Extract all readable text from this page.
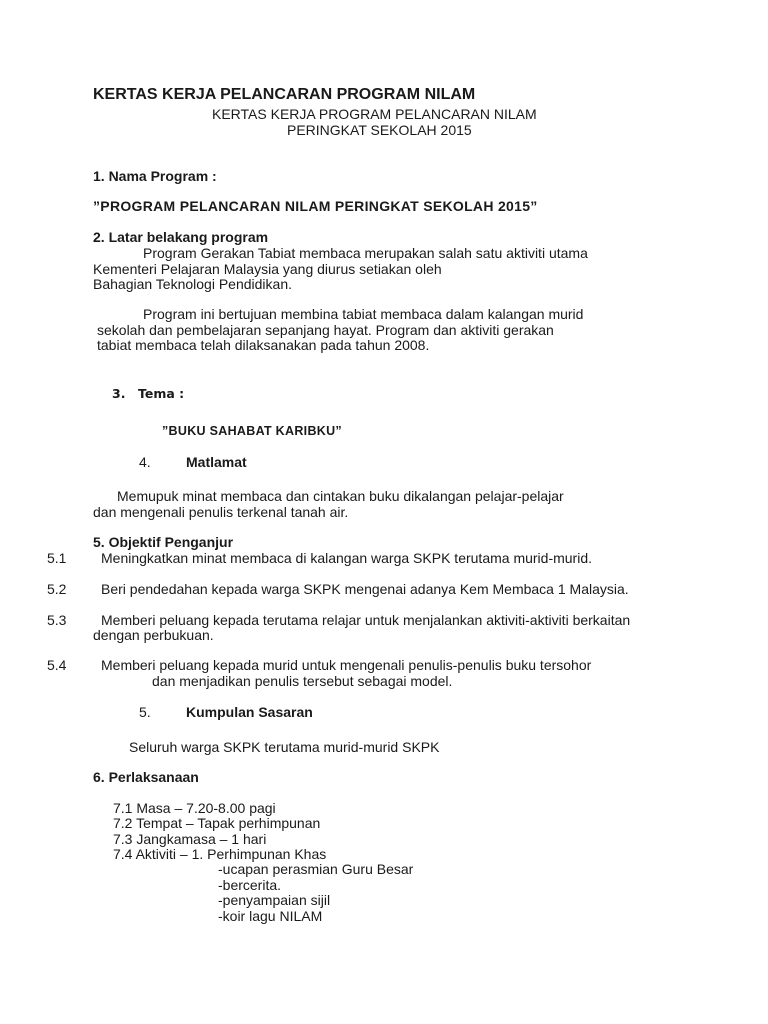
KERTAS KERJA PELANCARAN PROGRAM NILAM
KERTAS KERJA PROGRAM PELANCARAN NILAM
PERINGKAT SEKOLAH 2015
1. Nama Program :
”PROGRAM PELANCARAN NILAM PERINGKAT SEKOLAH 2015”
2. Latar belakang program
Program Gerakan Tabiat membaca merupakan salah satu aktiviti utama
Kementeri Pelajaran Malaysia yang diurus setiakan oleh
Bahagian Teknologi Pendidikan.
Program ini bertujuan membina tabiat membaca dalam kalangan murid
sekolah dan pembelajaran sepanjang hayat. Program dan aktiviti gerakan
tabiat membaca telah dilaksanakan pada tahun 2008.
3. Tema :
”BUKU SAHABAT KARIBKU”
4.	Matlamat
Memupuk minat membaca dan cintakan buku dikalangan pelajar-pelajar
dan mengenali penulis terkenal tanah air.
5. Objektif Penganjur
5.1 Meningkatkan minat membaca di kalangan warga SKPK terutama murid-murid.
5.2 Beri pendedahan kepada warga SKPK mengenai adanya Kem Membaca 1 Malaysia.
5.3 Memberi peluang kepada terutama relajar untuk menjalankan aktiviti-aktiviti berkaitan
dengan perbukuan.
5.4 Memberi peluang kepada murid untuk mengenali penulis-penulis buku tersohor
dan menjadikan penulis tersebut sebagai model.
5.	Kumpulan Sasaran
Seluruh warga SKPK terutama murid-murid SKPK
6. Perlaksanaan
7.1 Masa – 7.20-8.00 pagi
7.2 Tempat – Tapak perhimpunan
7.3 Jangkamasa – 1 hari
7.4 Aktiviti – 1. Perhimpunan Khas
-ucapan perasmian Guru Besar
-bercerita.
-penyampaian sijil
-koir lagu NILAM
